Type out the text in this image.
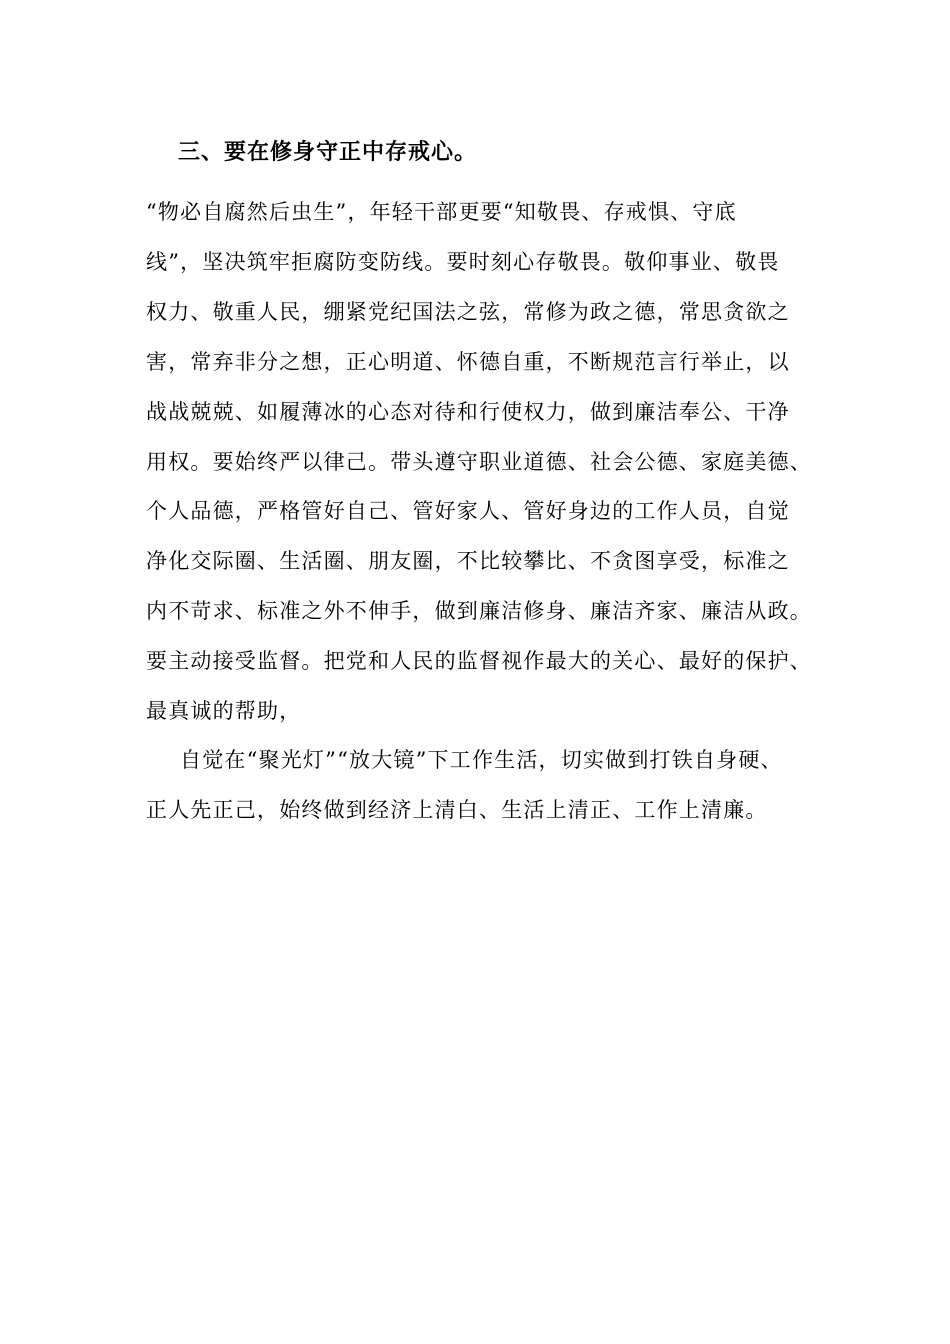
三、要在修身守正中存戒心。
“物必自腐然后虫生”，年轻干部更要“知敬畏、存戒惧、守底
线”，坚决筑牢拒腐防变防线。要时刻心存敬畏。敬仰事业、敬畏
权力、敬重人民，绷紧党纪国法之弦，常修为政之德，常思贪欲之
害，常弃非分之想，正心明道、怀德自重，不断规范言行举止，以
战战兢兢、如履薄冰的心态对待和行使权力，做到廉洁奉公、干净
用权。要始终严以律己。带头遵守职业道德、社会公德、家庭美德、
个人品德，严格管好自己、管好家人、管好身边的工作人员，自觉
净化交际圈、生活圈、朋友圈，不比较攀比、不贪图享受，标准之
内不苛求、标准之外不伸手，做到廉洁修身、廉洁齐家、廉洁从政。
要主动接受监督。把党和人民的监督视作最大的关心、最好的保护、
最真诚的帮助，
自觉在“聚光灯”“放大镜”下工作生活，切实做到打铁自身硬、
正人先正己，始终做到经济上清白、生活上清正、工作上清廉。
